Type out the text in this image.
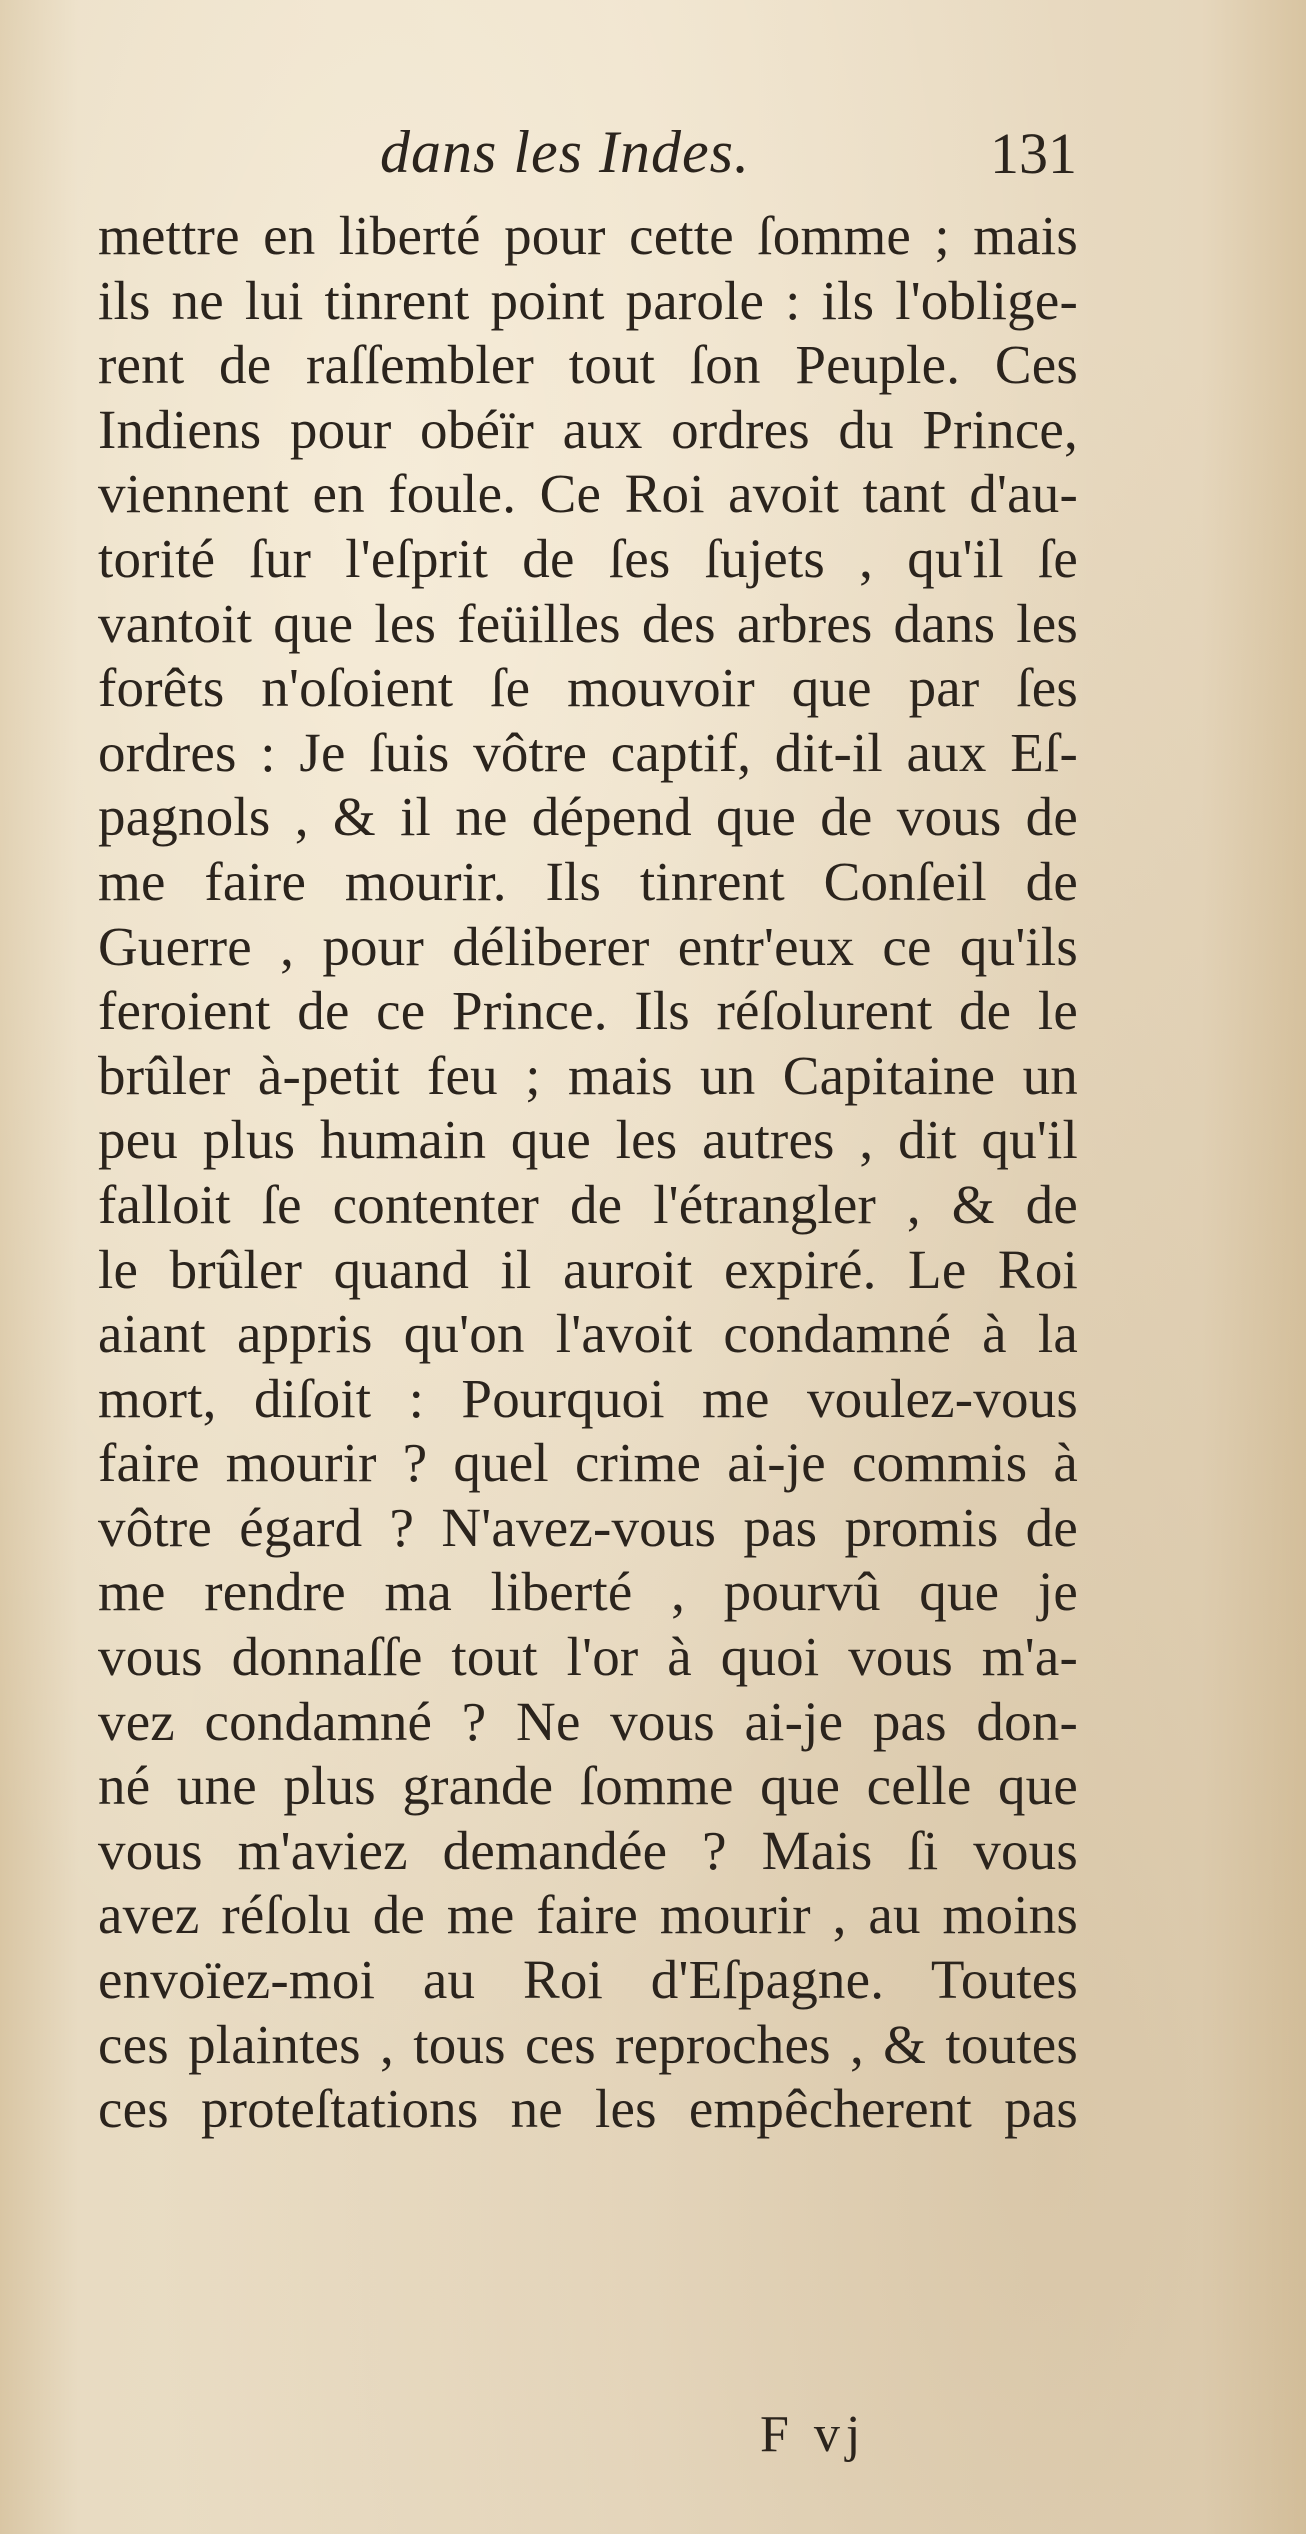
dans les Indes.	131
mettre en liberté pour cette ſomme ; mais
ils ne lui tinrent point parole : ils l'oblige-
rent de raſſembler tout ſon Peuple. Ces
Indiens pour obéïr aux ordres du Prince,
viennent en foule. Ce Roi avoit tant d'au-
torité ſur l'eſprit de ſes ſujets , qu'il ſe
vantoit que les feüilles des arbres dans les
forêts n'oſoient ſe mouvoir que par ſes
ordres : Je ſuis vôtre captif, dit-il aux Eſ-
pagnols , & il ne dépend que de vous de
me faire mourir. Ils tinrent Conſeil de
Guerre , pour déliberer entr'eux ce qu'ils
feroient de ce Prince. Ils réſolurent de le
brûler à-petit feu ; mais un Capitaine un
peu plus humain que les autres , dit qu'il
falloit ſe contenter de l'étrangler , & de
le brûler quand il auroit expiré. Le Roi
aiant appris qu'on l'avoit condamné à la
mort, diſoit : Pourquoi me voulez-vous
faire mourir ? quel crime ai-je commis à
vôtre égard ? N'avez-vous pas promis de
me rendre ma liberté , pourvû que je
vous donnaſſe tout l'or à quoi vous m'a-
vez condamné ? Ne vous ai-je pas don-
né une plus grande ſomme que celle que
vous m'aviez demandée ? Mais ſi vous
avez réſolu de me faire mourir , au moins
envoïez-moi au Roi d'Eſpagne. Toutes
ces plaintes , tous ces reproches , & toutes
ces proteſtations ne les empêcherent pas
F vj
